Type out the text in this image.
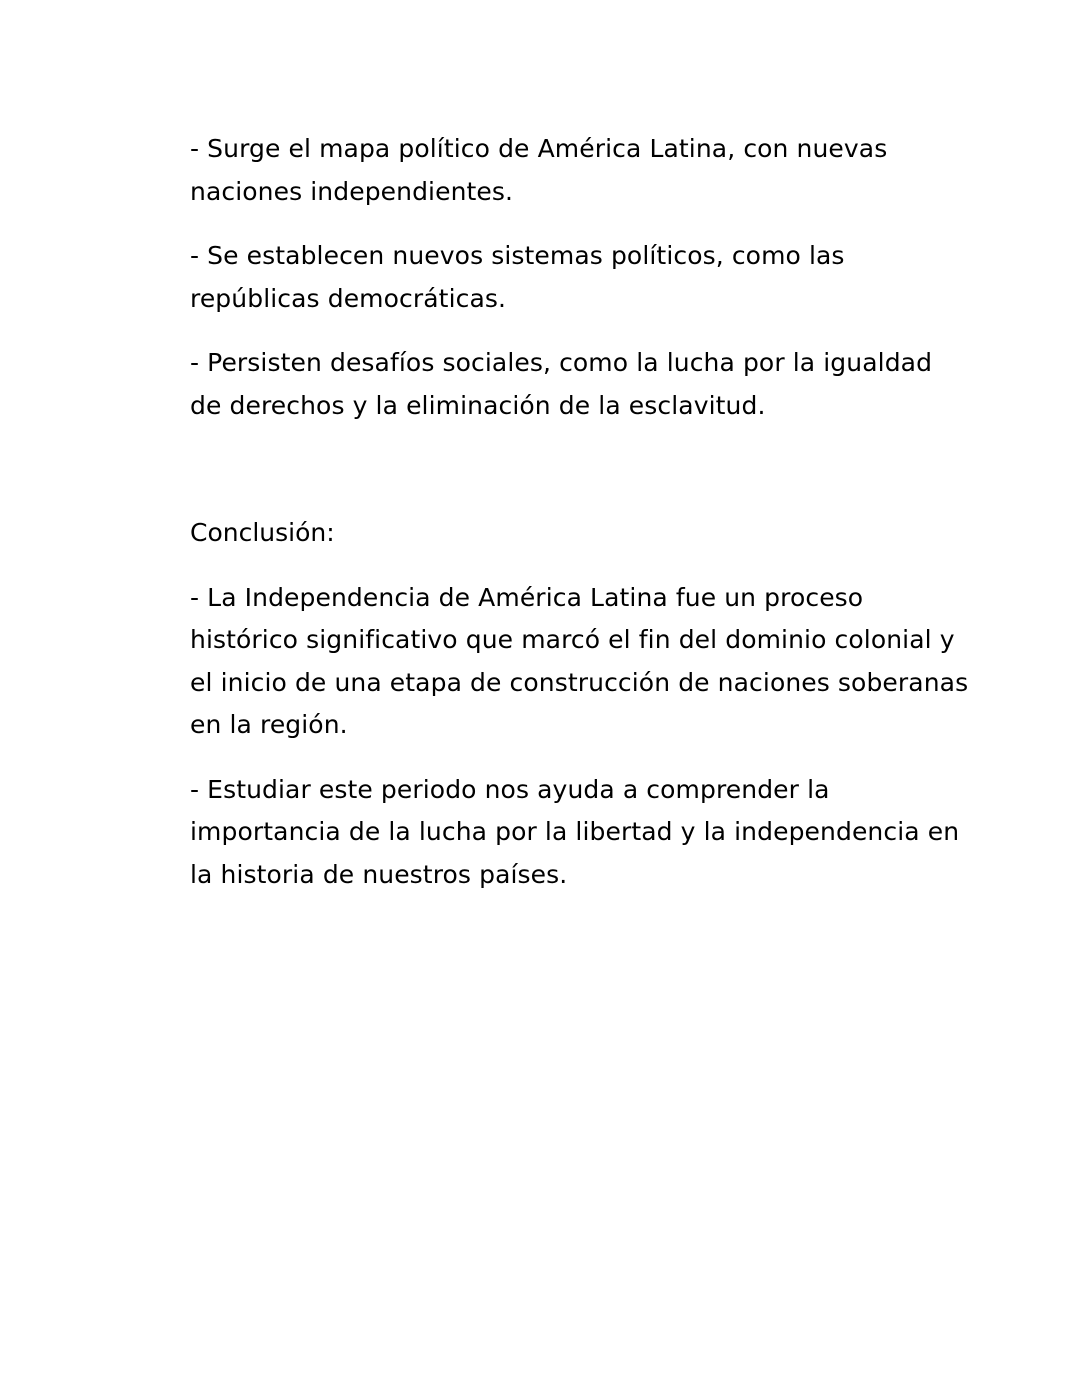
- Surge el mapa político de América Latina, con nuevas naciones independientes.

- Se establecen nuevos sistemas políticos, como las repúblicas democráticas.

- Persisten desafíos sociales, como la lucha por la igualdad de derechos y la eliminación de la esclavitud.

Conclusión:

- La Independencia de América Latina fue un proceso histórico significativo que marcó el fin del dominio colonial y el inicio de una etapa de construcción de naciones soberanas en la región.

- Estudiar este periodo nos ayuda a comprender la importancia de la lucha por la libertad y la independencia en la historia de nuestros países.
